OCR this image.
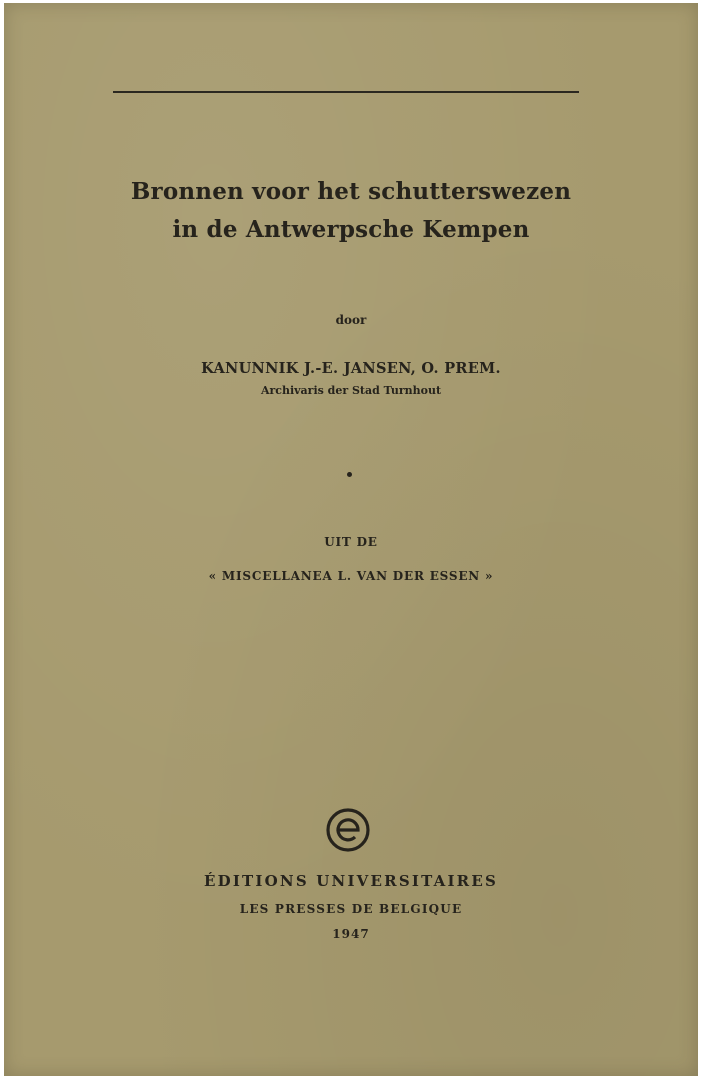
Bronnen voor het schutterswezen
in de Antwerpsche Kempen
door
KANUNNIK J.-E. JANSEN, O. PREM.
Archivaris der Stad Turnhout
UIT DE
« MISCELLANEA L. VAN DER ESSEN »
ÉDITIONS UNIVERSITAIRES
LES PRESSES DE BELGIQUE
1947
